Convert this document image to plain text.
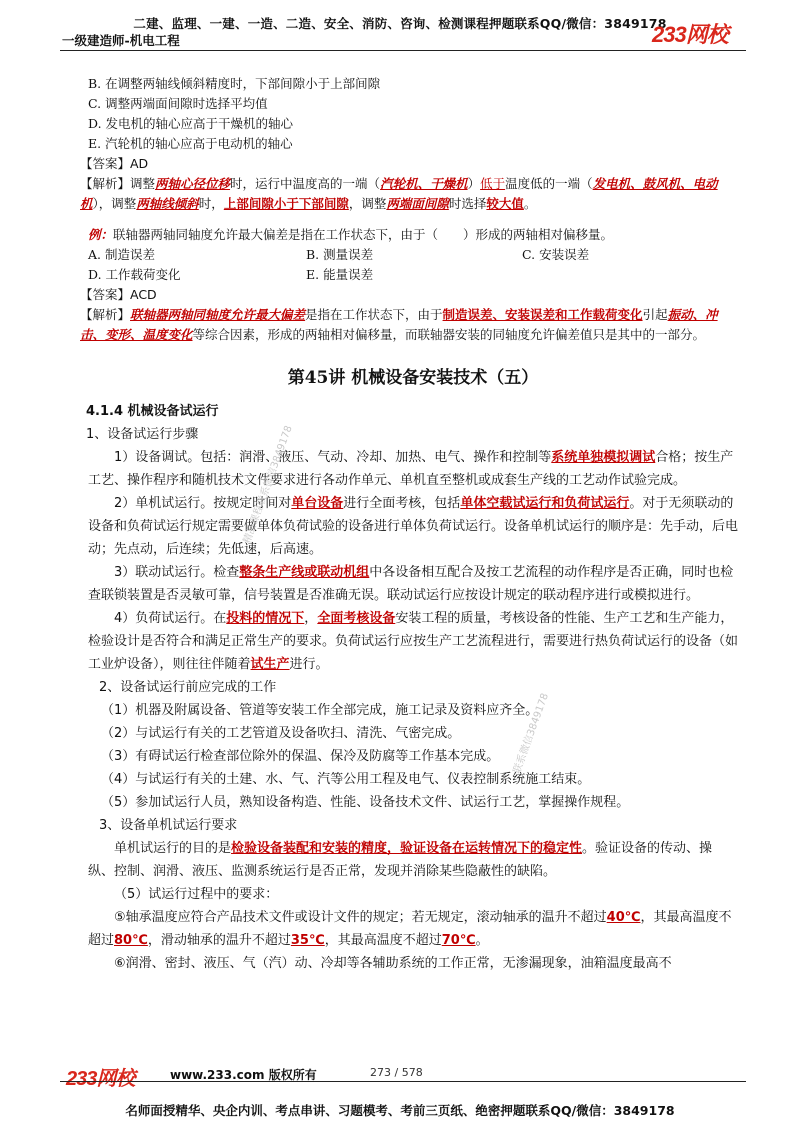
二建、监理、一建、一造、二造、安全、消防、咨询、检测课程押题联系QQ/微信：3849178
一级建造师-机电工程	233网校

B. 在调整两轴线倾斜精度时，下部间隙小于上部间隙

C. 调整两端面间隙时选择平均值

D. 发电机的轴心应高于干燥机的轴心

E. 汽轮机的轴心应高于电动机的轴心

【答案】AD

【解析】调整两轴心径位移时，运行中温度高的一端（汽轮机、干燥机）低于温度低的一端（发电机、鼓风机、电动机），调整两轴线倾斜时，上部间隙小于下部间隙，调整两端面间隙时选择较大值。

例：联轴器两轴同轴度允许最大偏差是指在工作状态下，由于（　　）形成的两轴相对偏移量。

A. 制造误差	B. 测量误差	C. 安装误差
D. 工作载荷变化	E. 能量误差

【答案】ACD

【解析】联轴器两轴同轴度允许最大偏差是指在工作状态下，由于制造误差、安装误差和工作载荷变化引起振动、冲击、变形、温度变化等综合因素，形成的两轴相对偏移量，而联轴器安装的同轴度允许偏差值只是其中的一部分。

第45讲 机械设备安装技术（五）

4.1.4 机械设备试运行

1、设备试运行步骤

1）设备调试。包括：润滑、液压、气动、冷却、加热、电气、操作和控制等系统单独模拟调试合格；按生产工艺、操作程序和随机技术文件要求进行各动作单元、单机直至整机或成套生产线的工艺动作试验完成。

2）单机试运行。按规定时间对单台设备进行全面考核，包括单体空载试运行和负荷试运行。对于无须联动的设备和负荷试运行规定需要做单体负荷试验的设备进行单体负荷试运行。设备单机试运行的顺序是：先手动，后电动；先点动，后连续；先低速，后高速。

3）联动试运行。检查整条生产线或联动机组中各设备相互配合及按工艺流程的动作程序是否正确，同时也检查联锁装置是否灵敏可靠，信号装置是否准确无误。联动试运行应按设计规定的联动程序进行或模拟进行。

4）负荷试运行。在投料的情况下，全面考核设备安装工程的质量，考核设备的性能、生产工艺和生产能力，检验设计是否符合和满足正常生产的要求。负荷试运行应按生产工艺流程进行，需要进行热负荷试运行的设备（如工业炉设备），则往往伴随着试生产进行。

2、设备试运行前应完成的工作

（1）机器及附属设备、管道等安装工作全部完成，施工记录及资料应齐全。

（2）与试运行有关的工艺管道及设备吹扫、清洗、气密完成。

（3）有碍试运行检查部位除外的保温、保冷及防腐等工作基本完成。

（4）与试运行有关的土建、水、气、汽等公用工程及电气、仪表控制系统施工结束。

（5）参加试运行人员，熟知设备构造、性能、设备技术文件、试运行工艺，掌握操作规程。

3、设备单机试运行要求

单机试运行的目的是检验设备装配和安装的精度，验证设备在运转情况下的稳定性。验证设备的传动、操纵、控制、润滑、液压、监测系统运行是否正常，发现并消除某些隐蔽性的缺陷。

（5）试运行过程中的要求：

⑤轴承温度应符合产品技术文件或设计文件的规定；若无规定，滚动轴承的温升不超过40℃，其最高温度不超过80℃，滑动轴承的温升不超过35℃，其最高温度不超过70℃。

⑥润滑、密封、液压、气（汽）动、冷却等各辅助系统的工作正常，无渗漏现象，油箱温度最高不

精品课程联系微信3849178
联系微信3849178
233网校	www.233.com 版权所有	273 / 578
名师面授精华、央企内训、考点串讲、习题模考、考前三页纸、绝密押题联系QQ/微信：3849178
